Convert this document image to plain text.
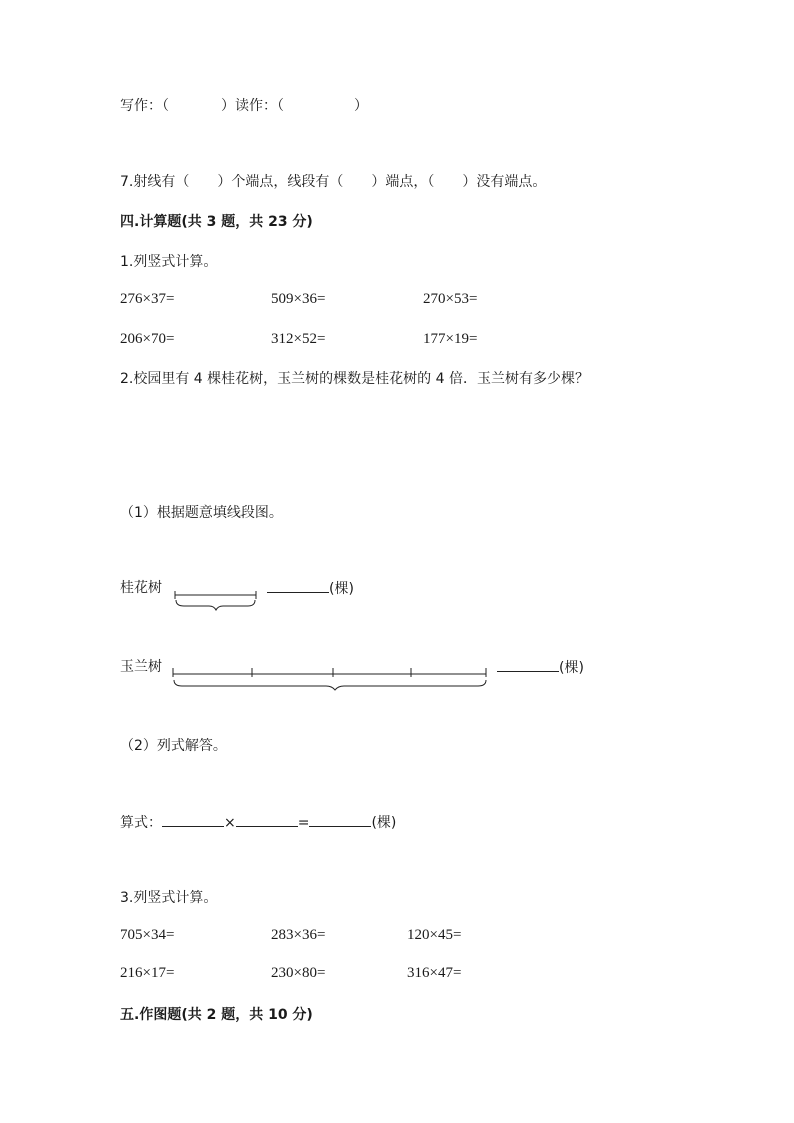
写作：（	）读作：（	）
7.射线有（ ）个端点，线段有（ ）端点，（ ）没有端点。
四.计算题(共 3 题，共 23 分)
1.列竖式计算。
276×37=	509×36=	270×53=
206×70=	312×52=	177×19=
2.校园里有 4 棵桂花树，玉兰树的棵数是桂花树的 4 倍．玉兰树有多少棵？
（1）根据题意填线段图。
桂花树	(棵)
玉兰树	(棵)
（2）列式解答。
算式：	×	=	(棵)
3.列竖式计算。
705×34=	283×36=	120×45=
216×17=	230×80=	316×47=
五.作图题(共 2 题，共 10 分)
